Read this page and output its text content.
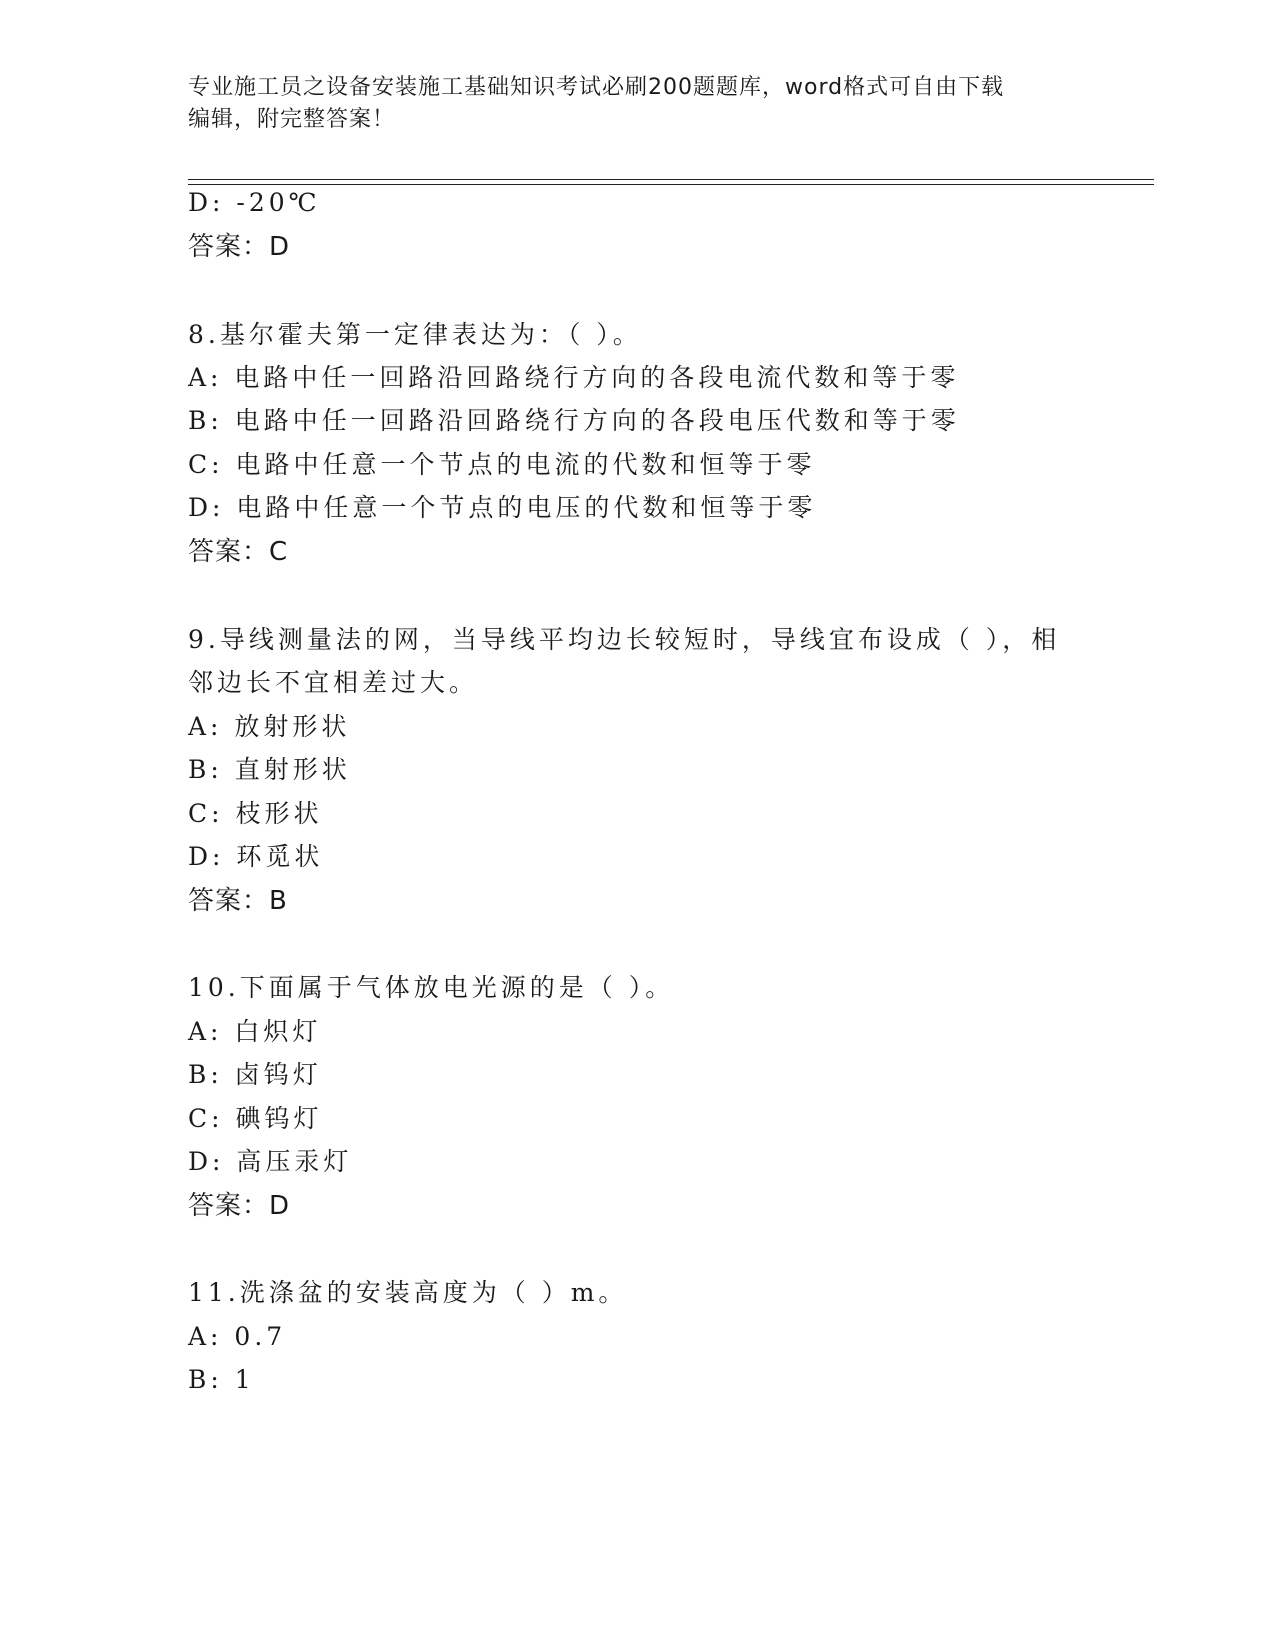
专业施工员之设备安装施工基础知识考试必刷200题题库，word格式可自由下载
编辑，附完整答案！
D: -20℃
答案：D
8.基尔霍夫第一定律表达为：（ ）。
A: 电路中任一回路沿回路绕行方向的各段电流代数和等于零
B: 电路中任一回路沿回路绕行方向的各段电压代数和等于零
C: 电路中任意一个节点的电流的代数和恒等于零
D: 电路中任意一个节点的电压的代数和恒等于零
答案：C
9.导线测量法的网，当导线平均边长较短时，导线宜布设成（ ），相
邻边长不宜相差过大。
A: 放射形状
B: 直射形状
C: 枝形状
D: 环觅状
答案：B
10.下面属于气体放电光源的是（ ）。
A: 白炽灯
B: 卤钨灯
C: 碘钨灯
D: 高压汞灯
答案：D
11.洗涤盆的安装高度为（ ）m。
A: 0.7
B: 1
